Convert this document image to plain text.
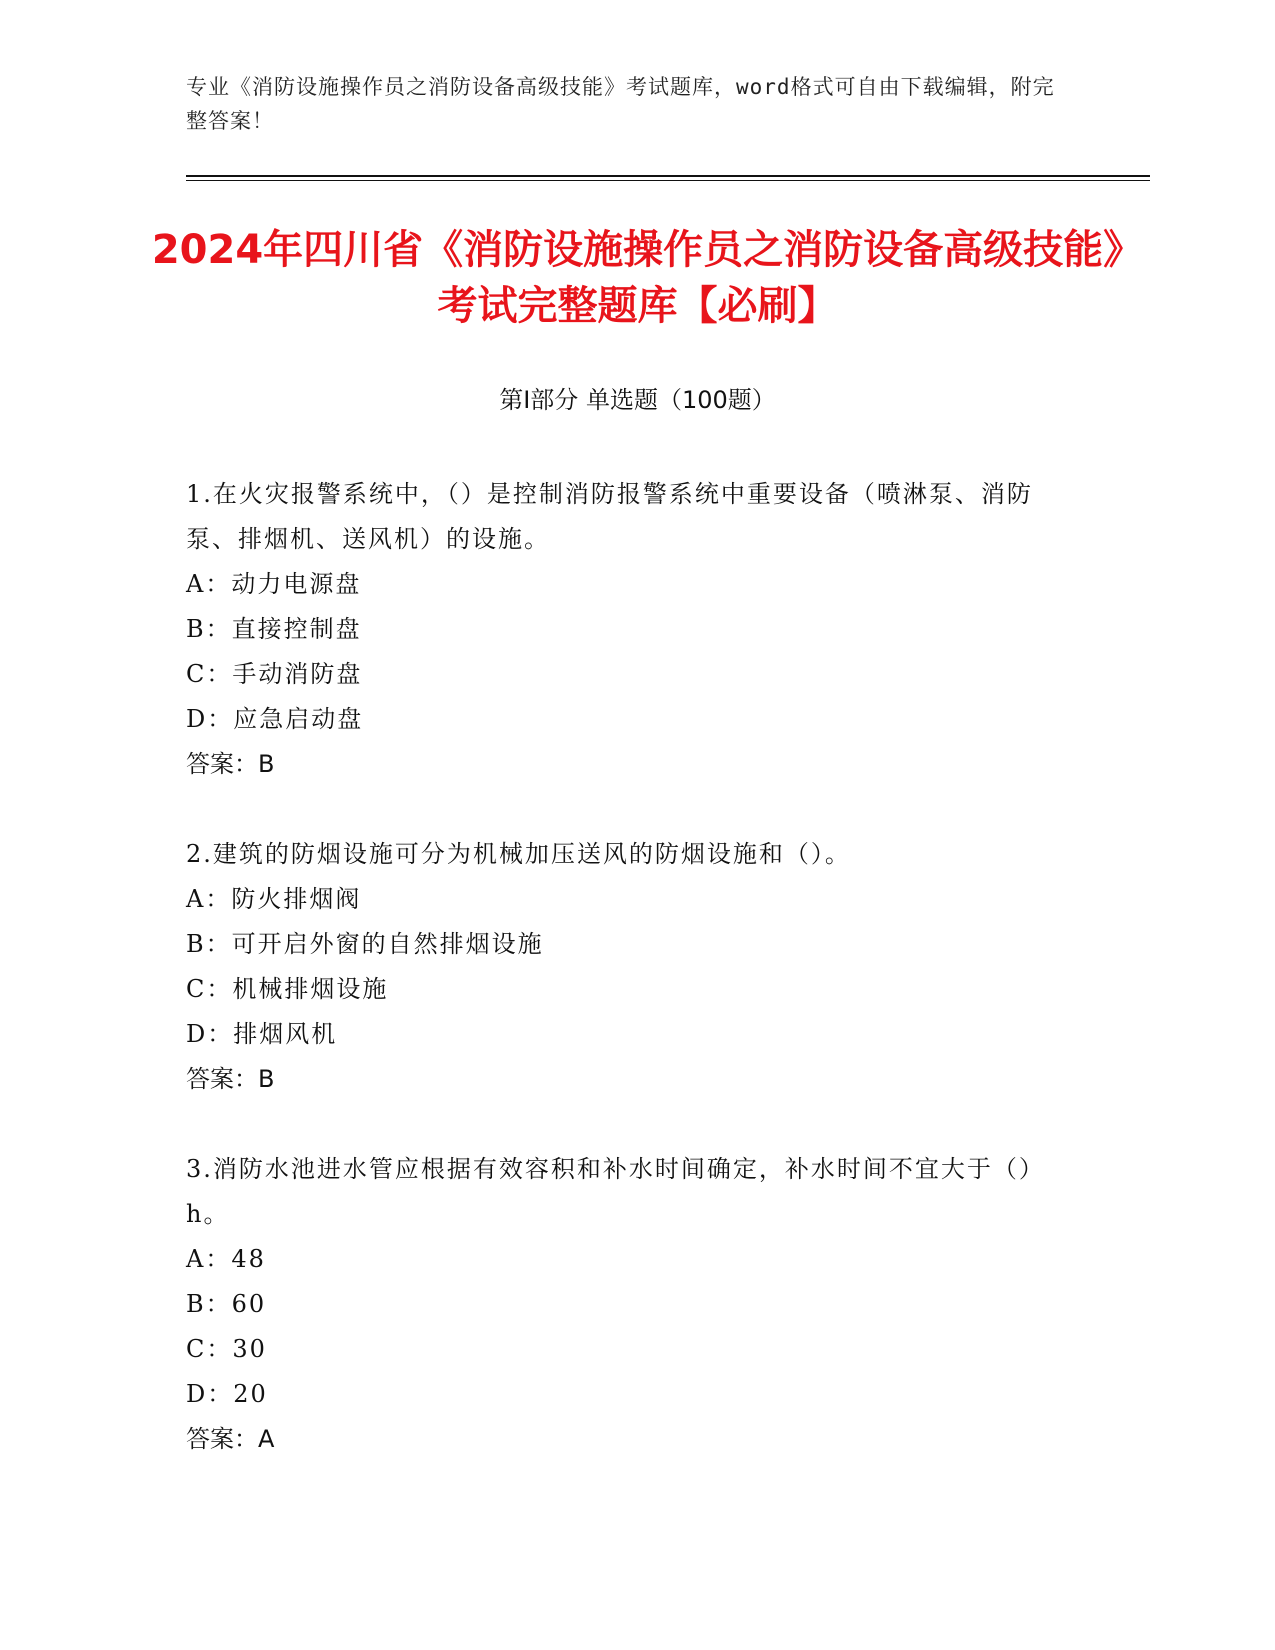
专业《消防设施操作员之消防设备高级技能》考试题库，word格式可自由下载编辑，附完整答案！
2024年四川省《消防设施操作员之消防设备高级技能》考试完整题库【必刷】
第I部分 单选题（100题）
1.在火灾报警系统中，（）是控制消防报警系统中重要设备（喷淋泵、消防泵、排烟机、送风机）的设施。
A：动力电源盘
B：直接控制盘
C：手动消防盘
D：应急启动盘
答案：B
2.建筑的防烟设施可分为机械加压送风的防烟设施和（）。
A：防火排烟阀
B：可开启外窗的自然排烟设施
C：机械排烟设施
D：排烟风机
答案：B
3.消防水池进水管应根据有效容积和补水时间确定，补水时间不宜大于（）h。
A：48
B：60
C：30
D：20
答案：A
